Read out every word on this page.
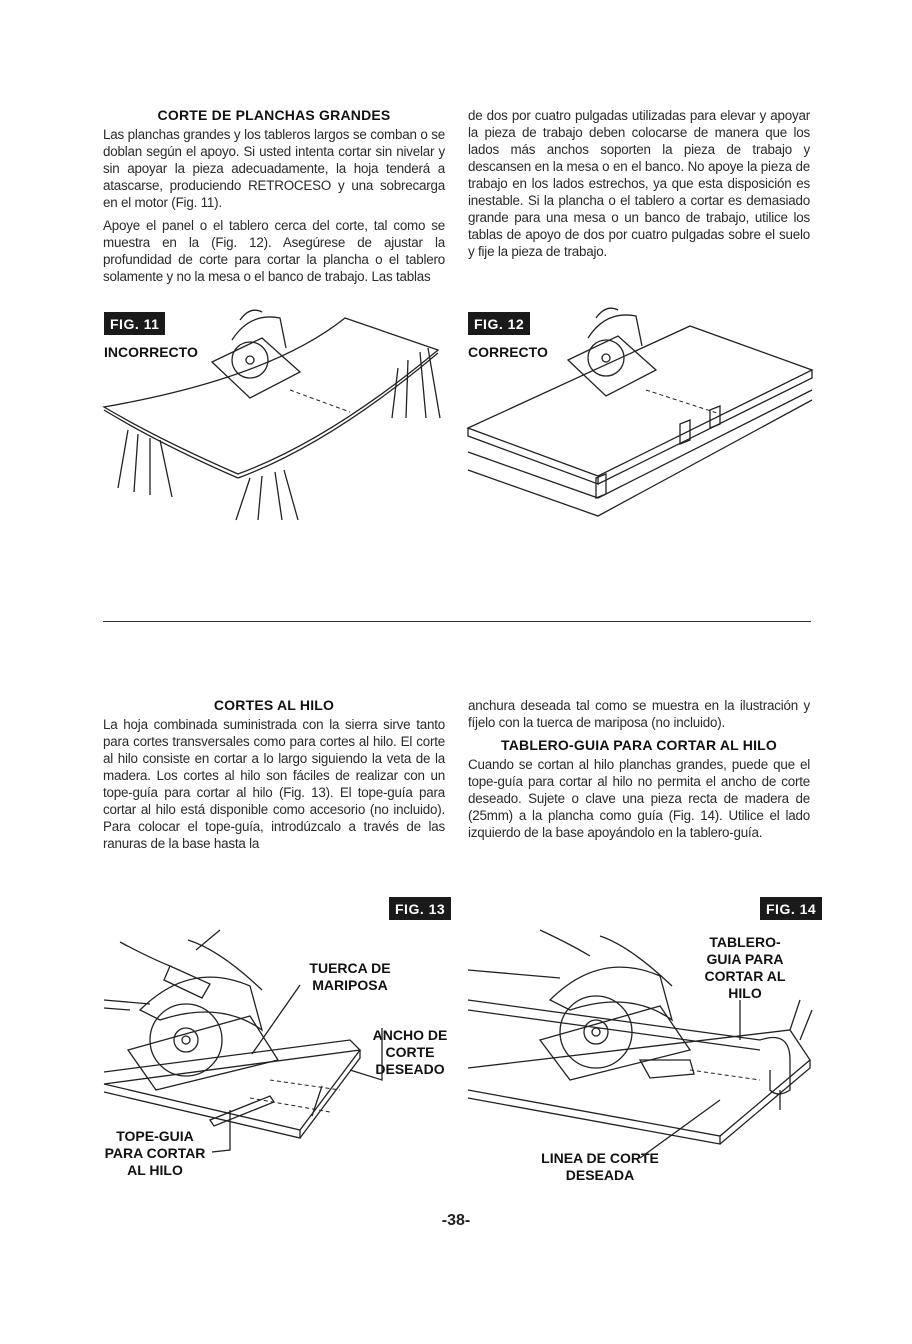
CORTE DE PLANCHAS GRANDES

Las planchas grandes y los tableros largos se comban o se doblan según el apoyo. Si usted intenta cortar sin nivelar y sin apoyar la pieza adecuadamente, la hoja tenderá a atascarse, produciendo RETROCESO y una sobrecarga en el motor (Fig. 11).

Apoye el panel o el tablero cerca del corte, tal como se muestra en la (Fig. 12). Asegúrese de ajustar la profundidad de corte para cortar la plancha o el tablero solamente y no la mesa o el banco de trabajo. Las tablas

de dos por cuatro pulgadas utilizadas para elevar y apoyar la pieza de trabajo deben colocarse de manera que los lados más anchos soporten la pieza de trabajo y descansen en la mesa o en el banco. No apoye la pieza de trabajo en los lados estrechos, ya que esta disposición es inestable. Si la plancha o el tablero a cortar es demasiado grande para una mesa o un banco de trabajo, utilice los tablas de apoyo de dos por cuatro pulgadas sobre el suelo y fije la pieza de trabajo.

FIG. 11
INCORRECTO
FIG. 12
CORRECTO
CORTES AL HILO

La hoja combinada suministrada con la sierra sirve tanto para cortes transversales como para cortes al hilo. El corte al hilo consiste en cortar a lo largo siguiendo la veta de la madera. Los cortes al hilo son fáciles de realizar con un tope-guía para cortar al hilo (Fig. 13). El tope-guía para cortar al hilo está disponible como accesorio (no incluido). Para colocar el tope-guía, introdúzcalo a través de las ranuras de la base hasta la

anchura deseada tal como se muestra en la ilustración y fíjelo con la tuerca de mariposa (no incluido).

TABLERO-GUIA PARA CORTAR AL HILO

Cuando se cortan al hilo planchas grandes, puede que el tope-guía para cortar al hilo no permita el ancho de corte deseado. Sujete o clave una pieza recta de madera de (25mm) a la plancha como guía (Fig. 14). Utilice el lado izquierdo de la base apoyándolo en la tablero-guía.

FIG. 13
TUERCA DE MARIPOSA
ANCHO DE CORTE DESEADO
TOPE-GUIA PARA CORTAR AL HILO
FIG. 14
TABLERO-GUIA PARA CORTAR AL HILO
LINEA DE CORTE DESEADA
-38-
